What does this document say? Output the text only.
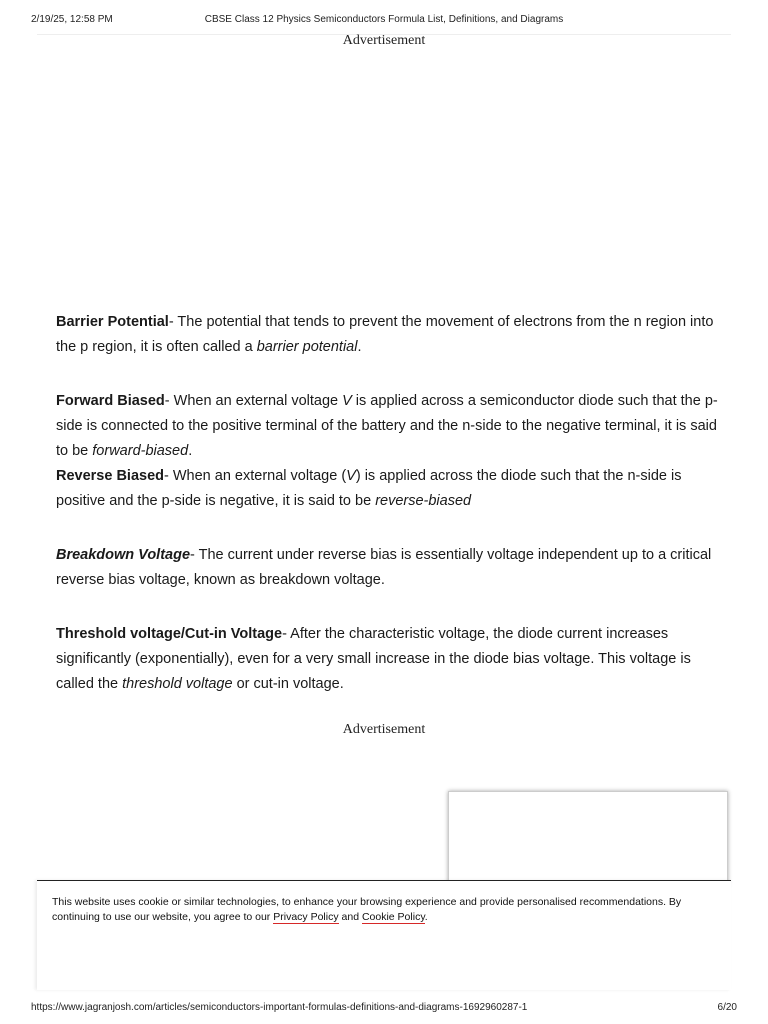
2/19/25, 12:58 PM	CBSE Class 12 Physics Semiconductors Formula List, Definitions, and Diagrams
Advertisement

Barrier Potential- The potential that tends to prevent the movement of electrons from the n region into the p region, it is often called a barrier potential.

Forward Biased- When an external voltage V is applied across a semiconductor diode such that the p-side is connected to the positive terminal of the battery and the n-side to the negative terminal, it is said to be forward-biased.

Reverse Biased- When an external voltage (V) is applied across the diode such that the n-side is positive and the p-side is negative, it is said to be reverse-biased

Breakdown Voltage- The current under reverse bias is essentially voltage independent up to a critical reverse bias voltage, known as breakdown voltage.

Threshold voltage/Cut-in Voltage- After the characteristic voltage, the diode current increases significantly (exponentially), even for a very small increase in the diode bias voltage. This voltage is called the threshold voltage or cut-in voltage.

Advertisement
This website uses cookie or similar technologies, to enhance your browsing experience and provide personalised recommendations. By continuing to use our website, you agree to our Privacy Policy and Cookie Policy.
https://www.jagranjosh.com/articles/semiconductors-important-formulas-definitions-and-diagrams-1692960287-1	6/20
